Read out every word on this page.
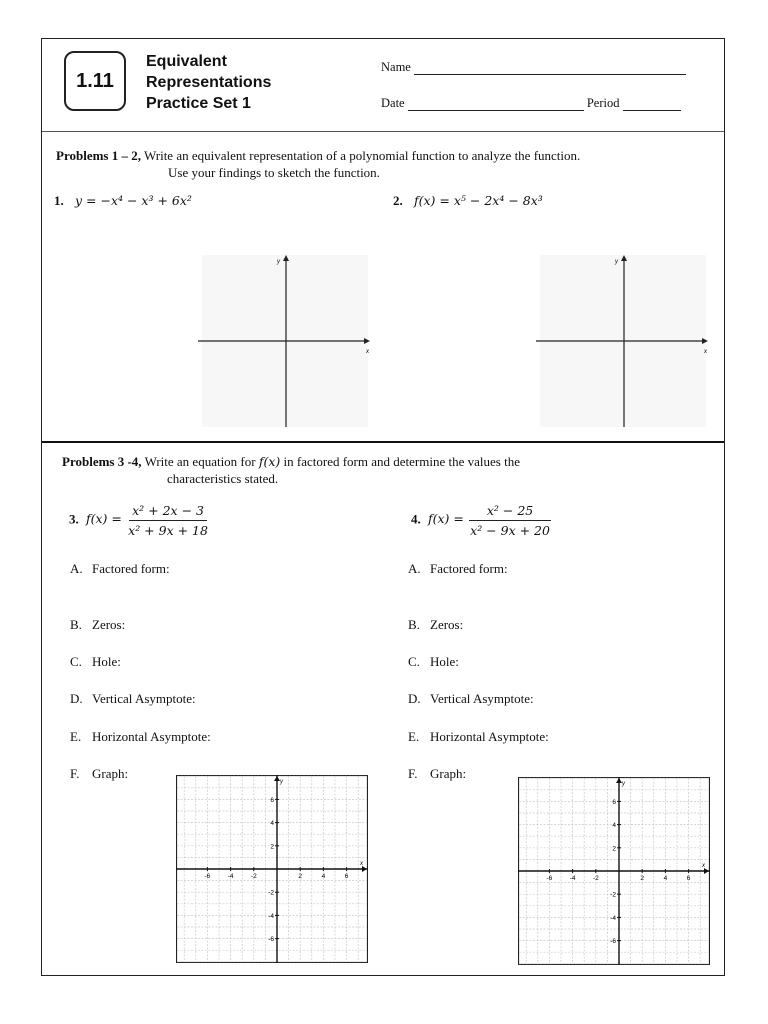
1.11
Equivalent
Representations
Practice Set 1
Name
Date	Period
Problems 1 – 2, Write an equivalent representation of a polynomial function to analyze the function.
Use your findings to sketch the function.
1. y = −x⁴ − x³ + 6x²	2. f(x) = x⁵ − 2x⁴ − 8x³
x
y
x
y
Problems 3 -4, Write an equation for f(x) in factored form and determine the values the
characteristics stated.
3. $f(x) = \frac{\text{x² + 2x − 3}}{\text{x² + 9x + 18}}$	4. $f(x) = \frac{\text{x² − 25}}{\text{x² − 9x + 20}}$
A. Factored form:
B. Zeros:
C. Hole:
D. Vertical Asymptote:
E. Horizontal Asymptote:
F. Graph:
A. Factored form:
B. Zeros:
C. Hole:
D. Vertical Asymptote:
E. Horizontal Asymptote:
F. Graph:
x
y
-6	-4	-2	2	4	6
6
4
2
-2
-4
-6
x
y
-6	-4	-2	2	4	6
6
4
2
-2
-4
-6
